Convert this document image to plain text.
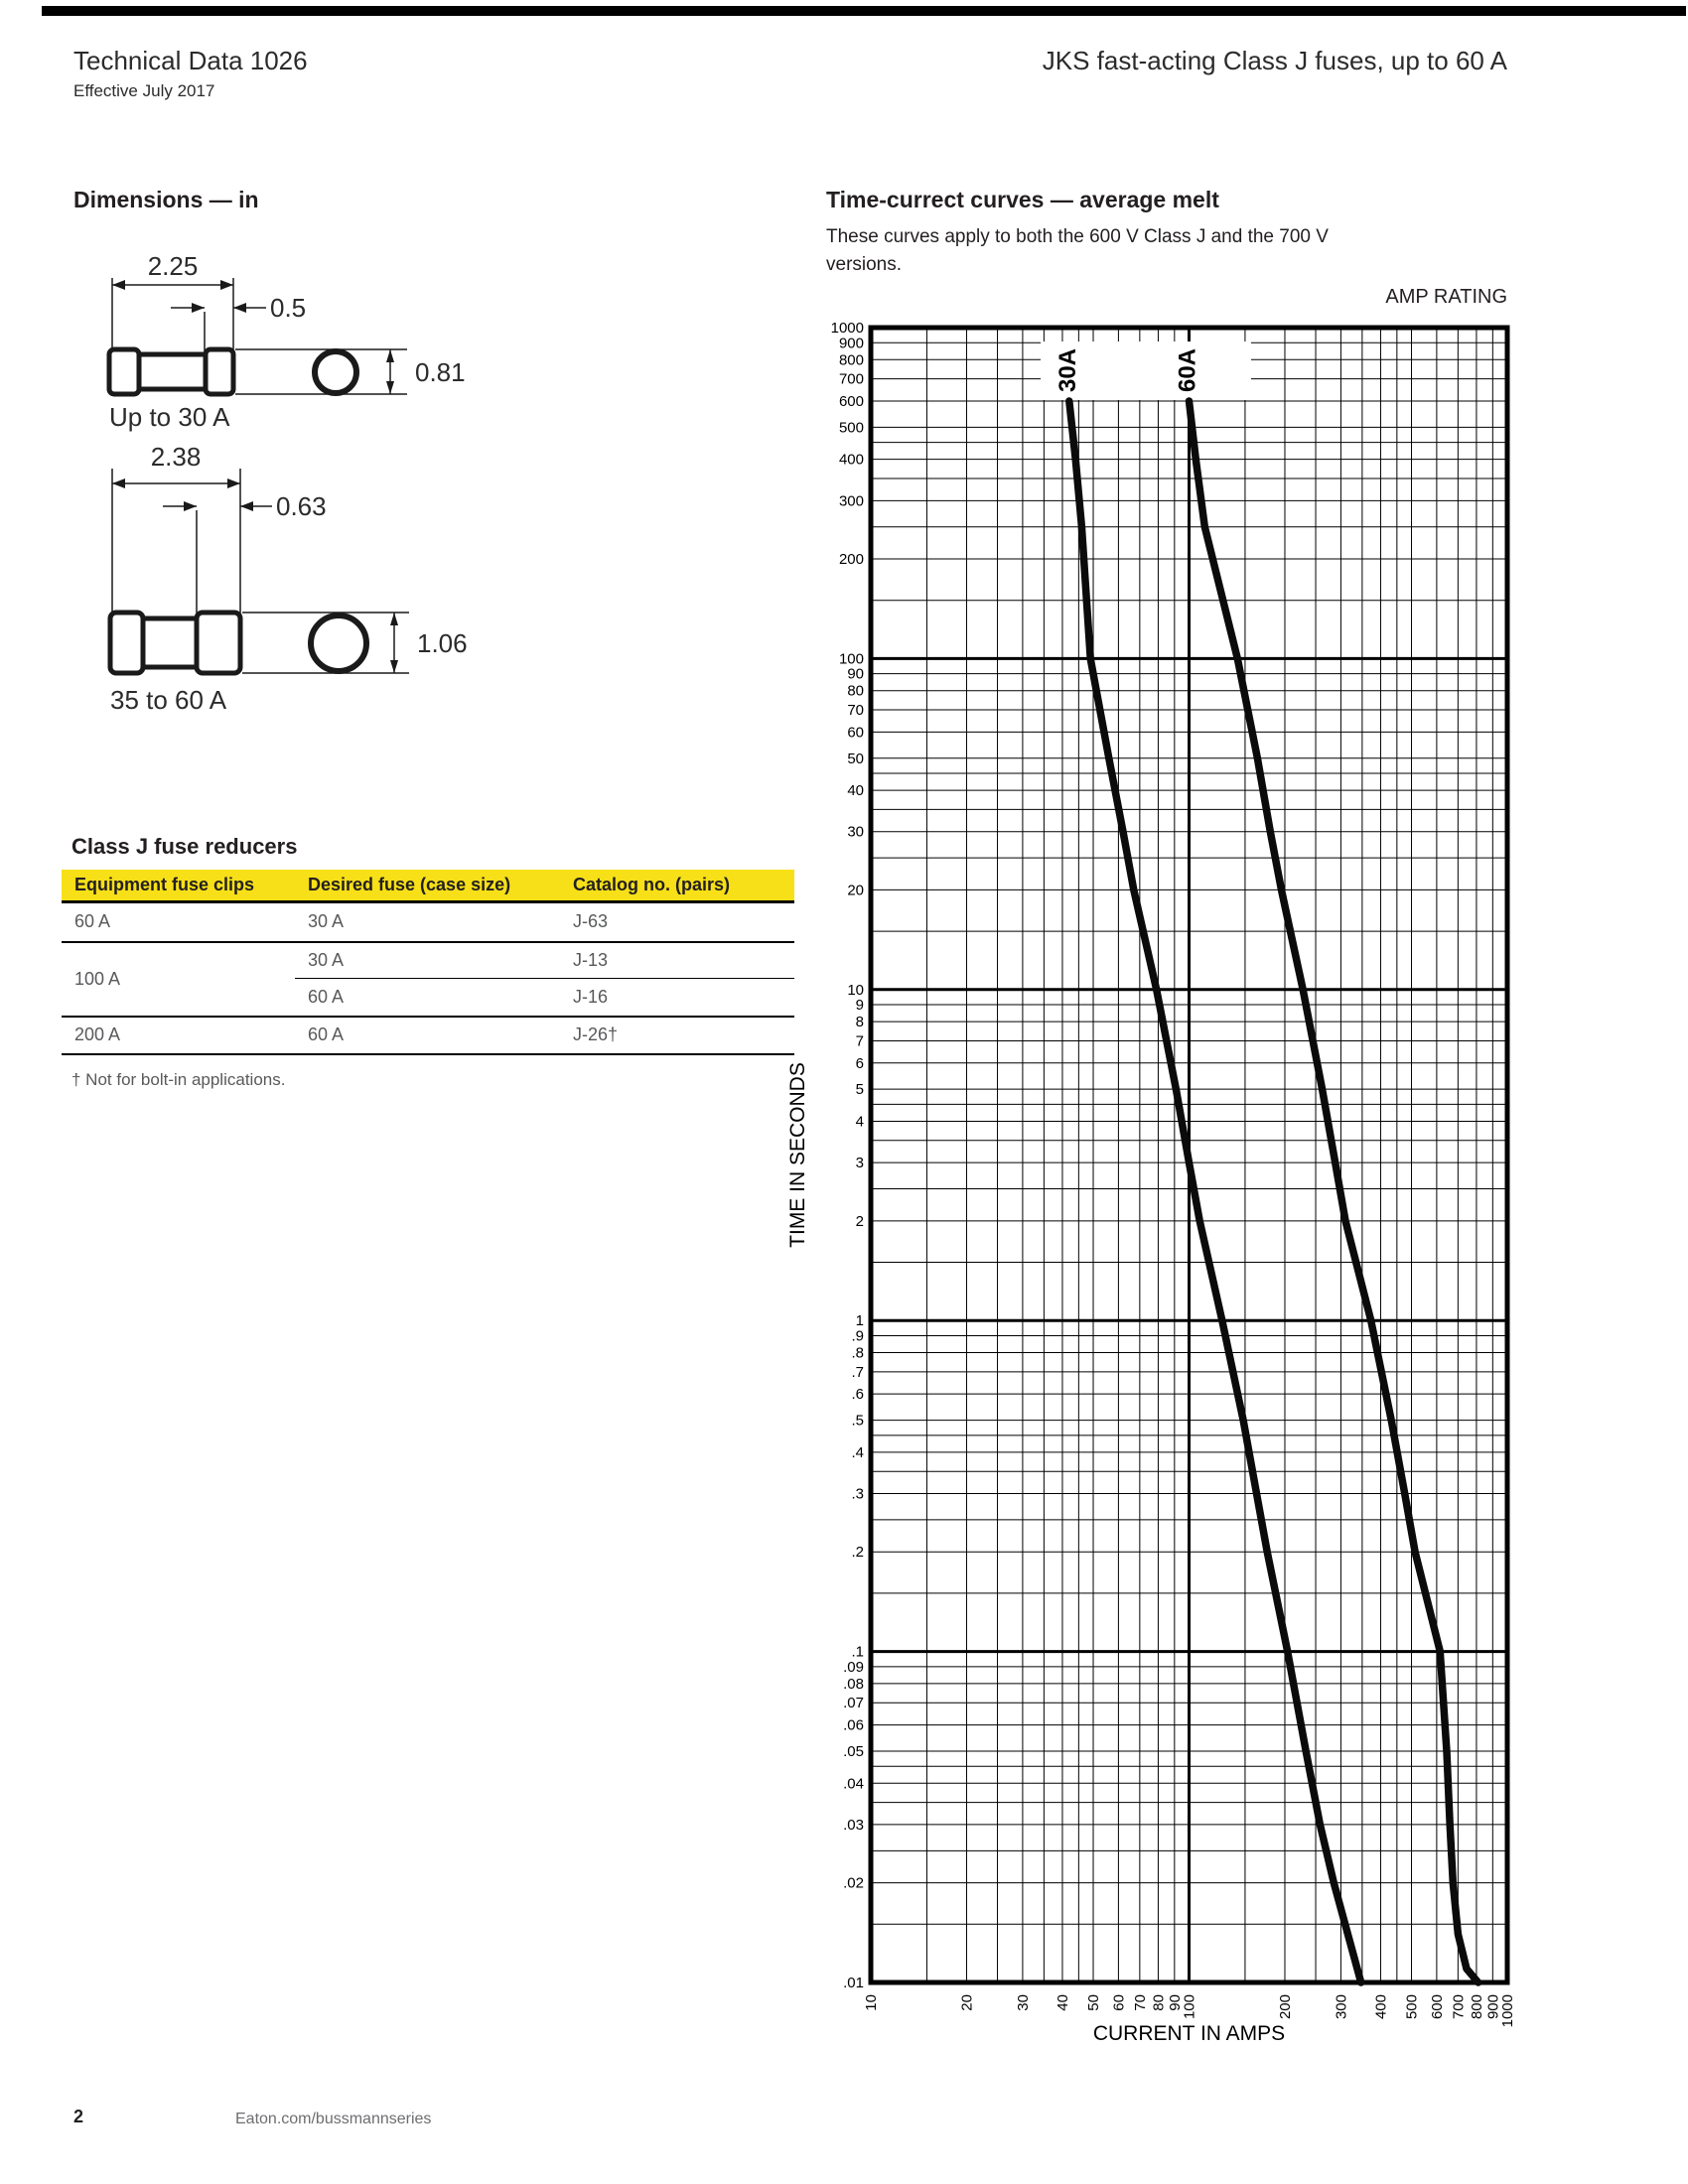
Technical Data 1026
Effective July 2017
JKS fast-acting Class J fuses, up to 60 A
Dimensions — in
2.25
0.5
0.81
Up to 30 A
2.38
0.63
1.06
35 to 60 A
Class J fuse reducers
Equipment fuse clips	Desired fuse (case size)	Catalog no. (pairs)
60 A	30 A	J-63
100 A	30 A	J-13
	60 A	J-16
200 A	60 A	J-26†
† Not for bolt-in applications.
Time-currect curves — average melt
These curves apply to both the 600 V Class J and the 700 V
versions.
AMP RATING
30A	60A
1000
900
800
700
600
500
400
300
200
100
90
80
70
60
50
40
30
20
10
9
8
7
6
5
4
3
2
1
.9
.8
.7
.6
.5
.4
.3
.2
.1
.09
.08
.07
.06
.05
.04
.03
.02
.01
10	20	30 40 50 60 70 80 90
100	200	300 400 500 600 700 800 900
1000
TIME IN SECONDS
CURRENT IN AMPS
2	Eaton.com/bussmannseries
